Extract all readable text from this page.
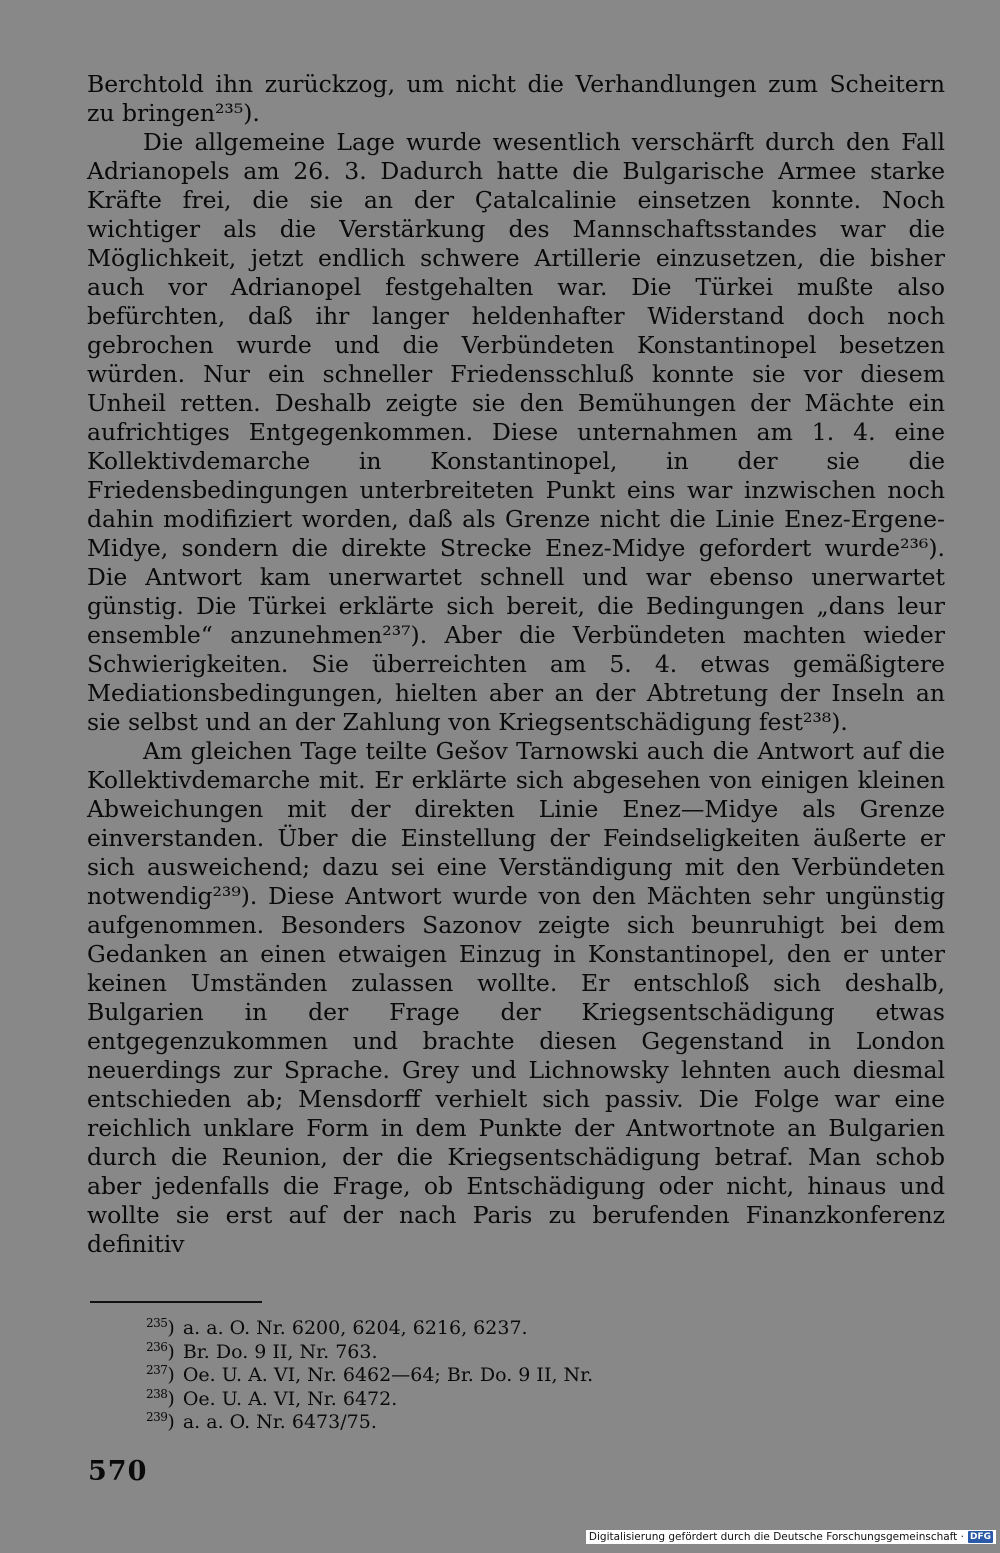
Berchtold ihn zurückzog, um nicht die Verhandlungen zum Scheitern zu bringen²³⁵).

Die allgemeine Lage wurde wesentlich verschärft durch den Fall Adrianopels am 26. 3. Dadurch hatte die Bulgarische Armee starke Kräfte frei, die sie an der Çatalcalinie einsetzen konnte. Noch wichtiger als die Verstärkung des Mannschaftsstandes war die Möglichkeit, jetzt endlich schwere Artillerie einzusetzen, die bisher auch vor Adrianopel festgehalten war. Die Türkei mußte also befürchten, daß ihr langer heldenhafter Widerstand doch noch gebrochen wurde und die Verbündeten Konstantinopel besetzen würden. Nur ein schneller Friedensschluß konnte sie vor diesem Unheil retten. Deshalb zeigte sie den Bemühungen der Mächte ein aufrichtiges Entgegenkommen. Diese unternahmen am 1. 4. eine Kollektivdemarche in Konstantinopel, in der sie die Friedensbedingungen unterbreiteten Punkt eins war inzwischen noch dahin modifiziert worden, daß als Grenze nicht die Linie Enez-Ergene-Midye, sondern die direkte Strecke Enez-Midye gefordert wurde²³⁶). Die Antwort kam unerwartet schnell und war ebenso unerwartet günstig. Die Türkei erklärte sich bereit, die Bedingungen „dans leur ensemble“ anzunehmen²³⁷). Aber die Verbündeten machten wieder Schwierigkeiten. Sie überreichten am 5. 4. etwas gemäßigtere Mediationsbedingungen, hielten aber an der Abtretung der Inseln an sie selbst und an der Zahlung von Kriegsentschädigung fest²³⁸).

Am gleichen Tage teilte Gešov Tarnowski auch die Antwort auf die Kollektivdemarche mit. Er erklärte sich abgesehen von einigen kleinen Abweichungen mit der direkten Linie Enez—Midye als Grenze einverstanden. Über die Einstellung der Feindseligkeiten äußerte er sich ausweichend; dazu sei eine Verständigung mit den Verbündeten notwendig²³⁹). Diese Antwort wurde von den Mächten sehr ungünstig aufgenommen. Besonders Sazonov zeigte sich beunruhigt bei dem Gedanken an einen etwaigen Einzug in Konstantinopel, den er unter keinen Umständen zulassen wollte. Er entschloß sich deshalb, Bulgarien in der Frage der Kriegsentschädigung etwas entgegenzukommen und brachte diesen Gegenstand in London neuerdings zur Sprache. Grey und Lichnowsky lehnten auch diesmal entschieden ab; Mensdorff verhielt sich passiv. Die Folge war eine reichlich unklare Form in dem Punkte der Antwortnote an Bulgarien durch die Reunion, der die Kriegsentschädigung betraf. Man schob aber jedenfalls die Frage, ob Entschädigung oder nicht, hinaus und wollte sie erst auf der nach Paris zu berufenden Finanzkonferenz definitiv

235 ) a. a. O. Nr. 6200, 6204, 6216, 6237.
236 ) Br. Do. 9 II, Nr. 763.
237 ) Oe. U. A. VI, Nr. 6462—64; Br. Do. 9 II, Nr.
238 ) Oe. U. A. VI, Nr. 6472.
239 ) a. a. O. Nr. 6473/75.
570
Digitalisierung gefördert durch die Deutsche Forschungsgemeinschaft · DFG
